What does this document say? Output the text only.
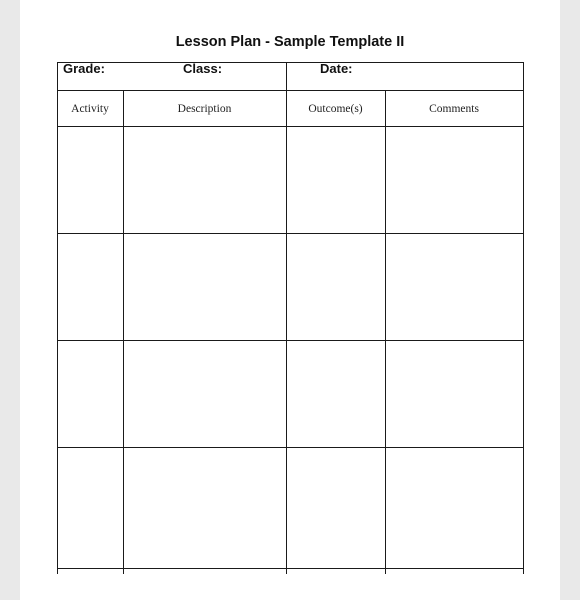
Lesson Plan - Sample Template II
Grade:	Class:	Date:
Activity	Description	Outcome(s)	Comments
